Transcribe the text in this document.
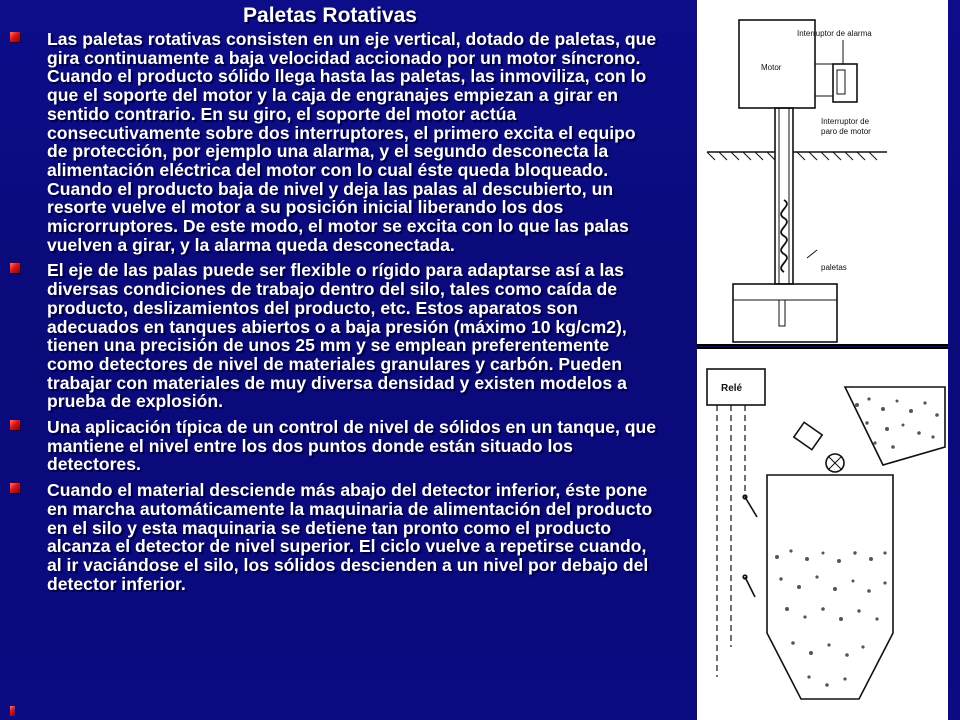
Paletas Rotativas
Las paletas rotativas consisten en un eje vertical, dotado de paletas, que gira continuamente a baja velocidad accionado por un motor síncrono. Cuando el producto sólido llega hasta las paletas, las inmoviliza, con lo que el soporte del motor y la caja de engranajes empiezan a girar en sentido contrario. En su giro, el soporte del motor actúa consecutivamente sobre dos interruptores, el primero excita el equipo de protección, por ejemplo una alarma, y el segundo desconecta la alimentación eléctrica del motor con lo cual éste queda bloqueado. Cuando el producto baja de nivel y deja las palas al descubierto, un resorte vuelve el motor a su posición inicial liberando los dos microrruptores. De este modo, el motor se excita con lo que las palas vuelven a girar, y la alarma queda desconectada.
El eje de las palas puede ser flexible o rígido para adaptarse así a las diversas condiciones de trabajo dentro del silo, tales como caída de producto, deslizamientos del producto, etc. Estos aparatos son adecuados en tanques abiertos o a baja presión (máximo 10 kg/cm2), tienen una precisión de unos 25 mm y se emplean preferentemente como detectores de nivel de materiales granulares y carbón. Pueden trabajar con materiales de muy diversa densidad y existen modelos a prueba de explosión.
Una aplicación típica de un control de nivel de sólidos en un tanque, que mantiene el nivel entre los dos puntos donde están situado los detectores.
Cuando el material desciende más abajo del detector inferior, éste pone en marcha automáticamente la maquinaria de alimentación del producto en el silo y esta maquinaria se detiene tan pronto como el producto alcanza el detector de nivel superior. El ciclo vuelve a repetirse cuando, al ir vaciándose el silo, los sólidos descienden a un nivel por debajo del detector inferior.
Interruptor de alarma
Motor
Interruptor de
paro de motor
paletas
Relé
